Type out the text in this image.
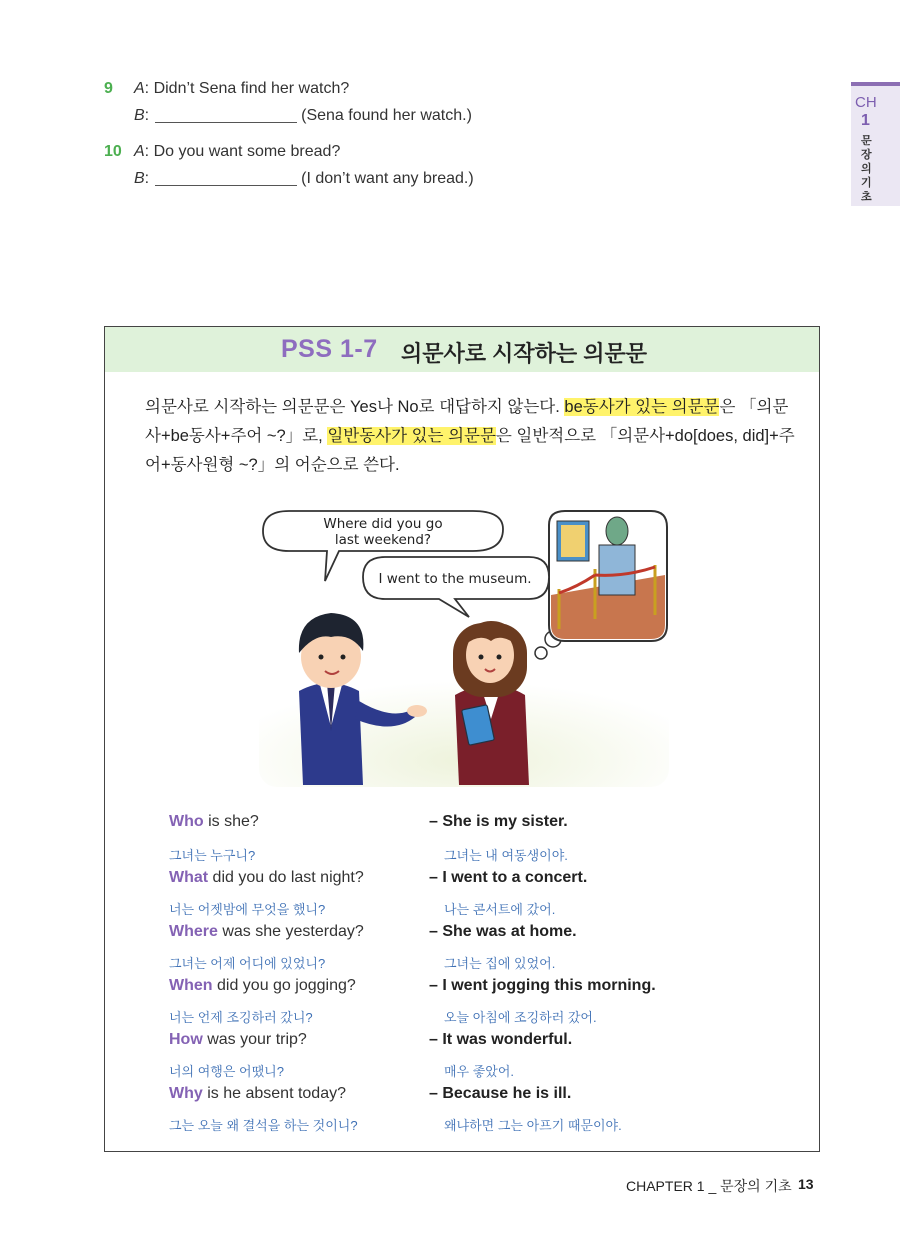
9 A: Didn’t Sena find her watch?
B:	(Sena found her watch.)
10 A: Do you want some bread?
B:	(I don’t want any bread.)
CH
1
문장의 기초
PSS 1-7 의문사로 시작하는 의문문
의문사로 시작하는 의문문은 Yes나 No로 대답하지 않는다. be동사가 있는 의문문은 「의문사+be동사+주어 ~?」로, 일반동사가 있는 의문문은 일반적으로 「의문사+do[does, did]+주어+동사원형 ~?」의 어순으로 쓴다.
Where did you go
last weekend?
I went to the museum.
Who is she?	– She is my sister.
그녀는 누구니?	그녀는 내 여동생이야.
What did you do last night?	– I went to a concert.
너는 어젯밤에 무엇을 했니?	나는 콘서트에 갔어.
Where was she yesterday?	– She was at home.
그녀는 어제 어디에 있었니?	그녀는 집에 있었어.
When did you go jogging?	– I went jogging this morning.
너는 언제 조깅하러 갔니?	오늘 아침에 조깅하러 갔어.
How was your trip?	– It was wonderful.
너의 여행은 어땠니?	매우 좋았어.
Why is he absent today?	– Because he is ill.
그는 오늘 왜 결석을 하는 것이니?	왜냐하면 그는 아프기 때문이야.
CHAPTER 1 _ 문장의 기초 13
